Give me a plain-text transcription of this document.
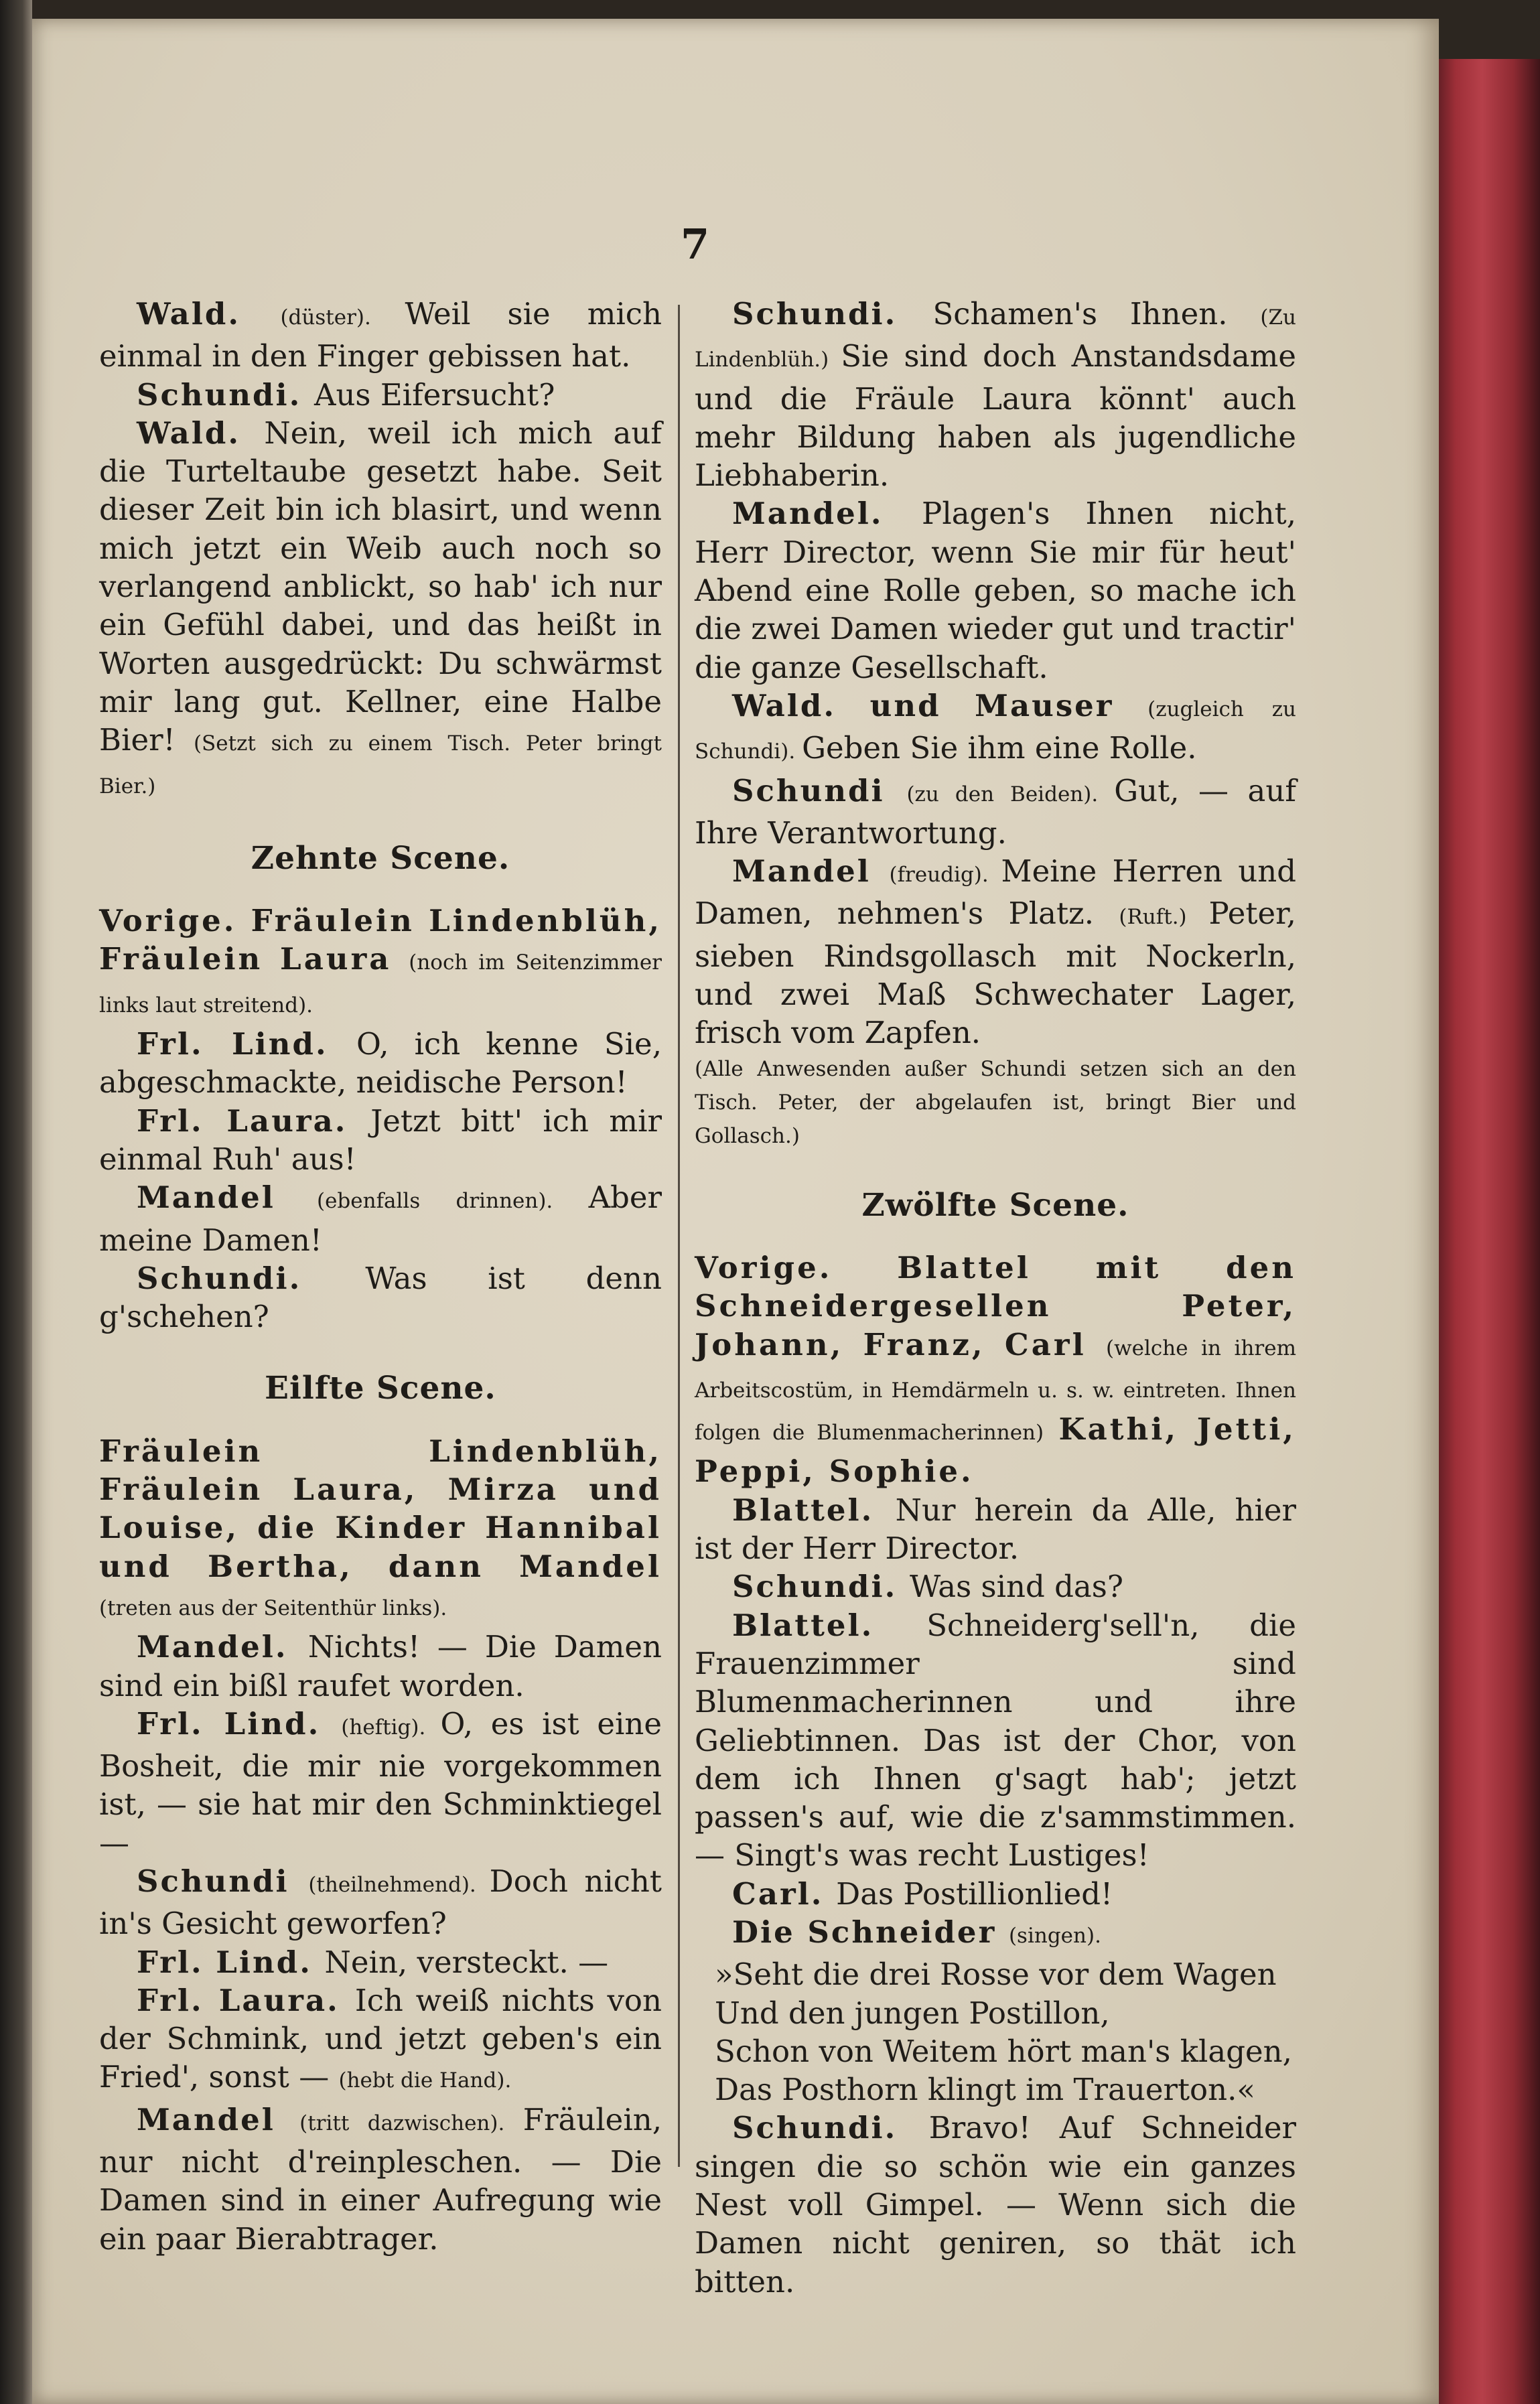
7

Wald. (düster). Weil sie mich einmal in den Finger gebissen hat.

Schundi. Aus Eifersucht?

Wald. Nein, weil ich mich auf die Turteltaube gesetzt habe. Seit dieser Zeit bin ich blasirt, und wenn mich jetzt ein Weib auch noch so verlangend anblickt, so hab' ich nur ein Gefühl dabei, und das heißt in Worten ausgedrückt: Du schwärmst mir lang gut. Kellner, eine Halbe Bier! (Setzt sich zu einem Tisch. Peter bringt Bier.)

Zehnte Scene.

Vorige. Fräulein Lindenblüh, Fräulein Laura (noch im Seitenzimmer links laut streitend).

Frl. Lind. O, ich kenne Sie, abgeschmackte, neidische Person!

Frl. Laura. Jetzt bitt' ich mir einmal Ruh' aus!

Mandel (ebenfalls drinnen). Aber meine Damen!

Schundi. Was ist denn g'schehen?

Eilfte Scene.

Fräulein Lindenblüh, Fräulein Laura, Mirza und Louise, die Kinder Hannibal und Bertha, dann Mandel (treten aus der Seitenthür links).

Mandel. Nichts! — Die Damen sind ein bißl raufet worden.

Frl. Lind. (heftig). O, es ist eine Bosheit, die mir nie vorgekommen ist, — sie hat mir den Schminktiegel —

Schundi (theilnehmend). Doch nicht in's Gesicht geworfen?

Frl. Lind. Nein, versteckt. —

Frl. Laura. Ich weiß nichts von der Schmink, und jetzt geben's ein Fried', sonst — (hebt die Hand).

Mandel (tritt dazwischen). Fräulein, nur nicht d'reinpleschen. — Die Damen sind in einer Aufregung wie ein paar Bierabtrager.

Schundi. Schamen's Ihnen. (Zu Lindenblüh.) Sie sind doch Anstandsdame und die Fräule Laura könnt' auch mehr Bildung haben als jugendliche Liebhaberin.

Mandel. Plagen's Ihnen nicht, Herr Director, wenn Sie mir für heut' Abend eine Rolle geben, so mache ich die zwei Damen wieder gut und tractir' die ganze Gesellschaft.

Wald. und Mauser (zugleich zu Schundi). Geben Sie ihm eine Rolle.

Schundi (zu den Beiden). Gut, — auf Ihre Verantwortung.

Mandel (freudig). Meine Herren und Damen, nehmen's Platz. (Ruft.) Peter, sieben Rindsgollasch mit Nockerln, und zwei Maß Schwechater Lager, frisch vom Zapfen.

(Alle Anwesenden außer Schundi setzen sich an den Tisch. Peter, der abgelaufen ist, bringt Bier und Gollasch.)

Zwölfte Scene.

Vorige. Blattel mit den Schneidergesellen Peter, Johann, Franz, Carl (welche in ihrem Arbeitscostüm, in Hemdärmeln u. s. w. eintreten. Ihnen folgen die Blumenmacherinnen) Kathi, Jetti, Peppi, Sophie.

Blattel. Nur herein da Alle, hier ist der Herr Director.

Schundi. Was sind das?

Blattel. Schneiderg'sell'n, die Frauenzimmer sind Blumenmacherinnen und ihre Geliebtinnen. Das ist der Chor, von dem ich Ihnen g'sagt hab'; jetzt passen's auf, wie die z'sammstimmen. — Singt's was recht Lustiges!

Carl. Das Postillionlied!

Die Schneider (singen).

»Seht die drei Rosse vor dem Wagen

Und den jungen Postillon,

Schon von Weitem hört man's klagen,

Das Posthorn klingt im Trauerton.«

Schundi. Bravo! Auf Schneider singen die so schön wie ein ganzes Nest voll Gimpel. — Wenn sich die Damen nicht geniren, so thät ich bitten.
